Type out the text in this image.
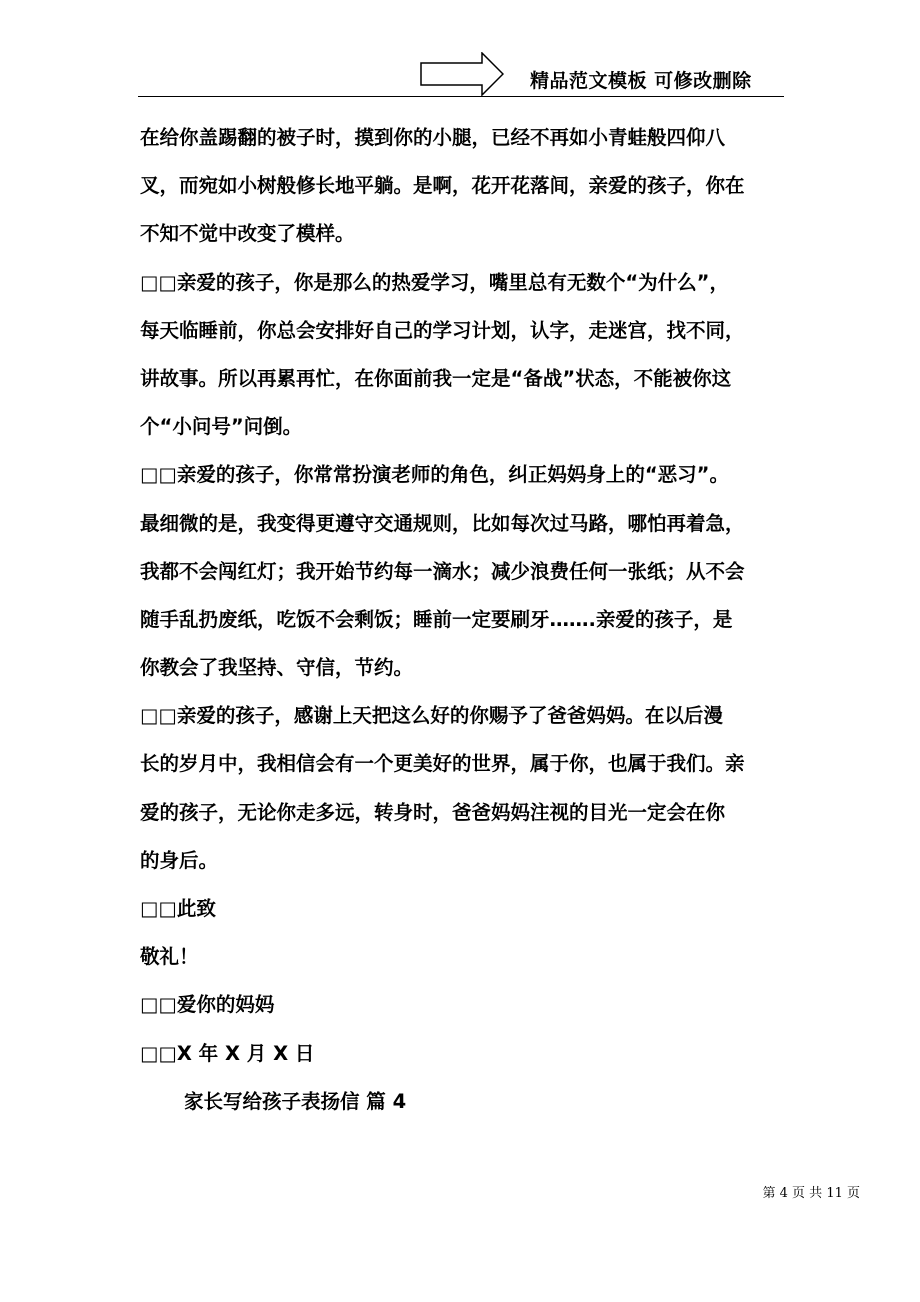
精品范文模板 可修改删除
在给你盖踢翻的被子时，摸到你的小腿，已经不再如小青蛙般四仰八
叉，而宛如小树般修长地平躺。是啊，花开花落间，亲爱的孩子，你在
不知不觉中改变了模样。
□□亲爱的孩子，你是那么的热爱学习，嘴里总有无数个“为什么”，
每天临睡前，你总会安排好自己的学习计划，认字，走迷宫，找不同，
讲故事。所以再累再忙，在你面前我一定是“备战”状态，不能被你这
个“小问号”问倒。
□□亲爱的孩子，你常常扮演老师的角色，纠正妈妈身上的“恶习”。
最细微的是，我变得更遵守交通规则，比如每次过马路，哪怕再着急，
我都不会闯红灯；我开始节约每一滴水；减少浪费任何一张纸；从不会
随手乱扔废纸，吃饭不会剩饭；睡前一定要刷牙…….亲爱的孩子，是
你教会了我坚持、守信，节约。
□□亲爱的孩子，感谢上天把这么好的你赐予了爸爸妈妈。在以后漫
长的岁月中，我相信会有一个更美好的世界，属于你，也属于我们。亲
爱的孩子，无论你走多远，转身时，爸爸妈妈注视的目光一定会在你
的身后。
□□此致
敬礼！
□□爱你的妈妈
□□X 年 X 月 X 日
家长写给孩子表扬信 篇 4
第 4 页 共 11 页
